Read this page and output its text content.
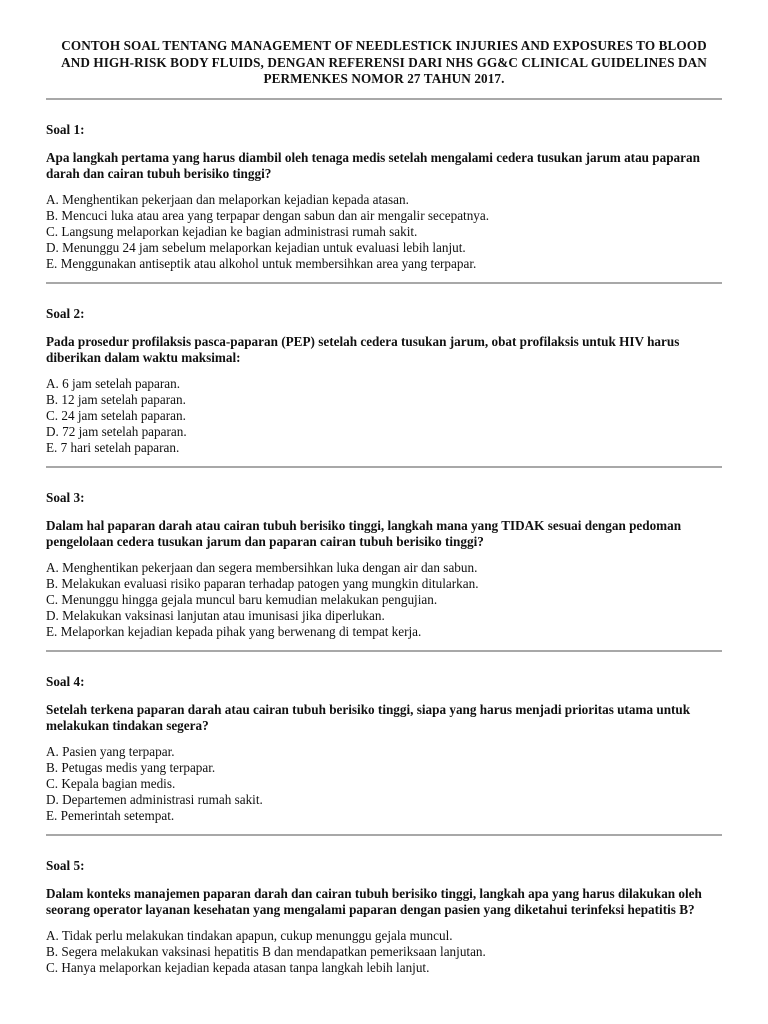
CONTOH SOAL TENTANG MANAGEMENT OF NEEDLESTICK INJURIES AND EXPOSURES TO BLOOD AND HIGH-RISK BODY FLUIDS, DENGAN REFERENSI DARI NHS GG&C CLINICAL GUIDELINES DAN PERMENKES NOMOR 27 TAHUN 2017.
Soal 1:
Apa langkah pertama yang harus diambil oleh tenaga medis setelah mengalami cedera tusukan jarum atau paparan darah dan cairan tubuh berisiko tinggi?
A. Menghentikan pekerjaan dan melaporkan kejadian kepada atasan.
B. Mencuci luka atau area yang terpapar dengan sabun dan air mengalir secepatnya.
C. Langsung melaporkan kejadian ke bagian administrasi rumah sakit.
D. Menunggu 24 jam sebelum melaporkan kejadian untuk evaluasi lebih lanjut.
E. Menggunakan antiseptik atau alkohol untuk membersihkan area yang terpapar.
Soal 2:
Pada prosedur profilaksis pasca-paparan (PEP) setelah cedera tusukan jarum, obat profilaksis untuk HIV harus diberikan dalam waktu maksimal:
A. 6 jam setelah paparan.
B. 12 jam setelah paparan.
C. 24 jam setelah paparan.
D. 72 jam setelah paparan.
E. 7 hari setelah paparan.
Soal 3:
Dalam hal paparan darah atau cairan tubuh berisiko tinggi, langkah mana yang TIDAK sesuai dengan pedoman pengelolaan cedera tusukan jarum dan paparan cairan tubuh berisiko tinggi?
A. Menghentikan pekerjaan dan segera membersihkan luka dengan air dan sabun.
B. Melakukan evaluasi risiko paparan terhadap patogen yang mungkin ditularkan.
C. Menunggu hingga gejala muncul baru kemudian melakukan pengujian.
D. Melakukan vaksinasi lanjutan atau imunisasi jika diperlukan.
E. Melaporkan kejadian kepada pihak yang berwenang di tempat kerja.
Soal 4:
Setelah terkena paparan darah atau cairan tubuh berisiko tinggi, siapa yang harus menjadi prioritas utama untuk melakukan tindakan segera?
A. Pasien yang terpapar.
B. Petugas medis yang terpapar.
C. Kepala bagian medis.
D. Departemen administrasi rumah sakit.
E. Pemerintah setempat.
Soal 5:
Dalam konteks manajemen paparan darah dan cairan tubuh berisiko tinggi, langkah apa yang harus dilakukan oleh seorang operator layanan kesehatan yang mengalami paparan dengan pasien yang diketahui terinfeksi hepatitis B?
A. Tidak perlu melakukan tindakan apapun, cukup menunggu gejala muncul.
B. Segera melakukan vaksinasi hepatitis B dan mendapatkan pemeriksaan lanjutan.
C. Hanya melaporkan kejadian kepada atasan tanpa langkah lebih lanjut.
